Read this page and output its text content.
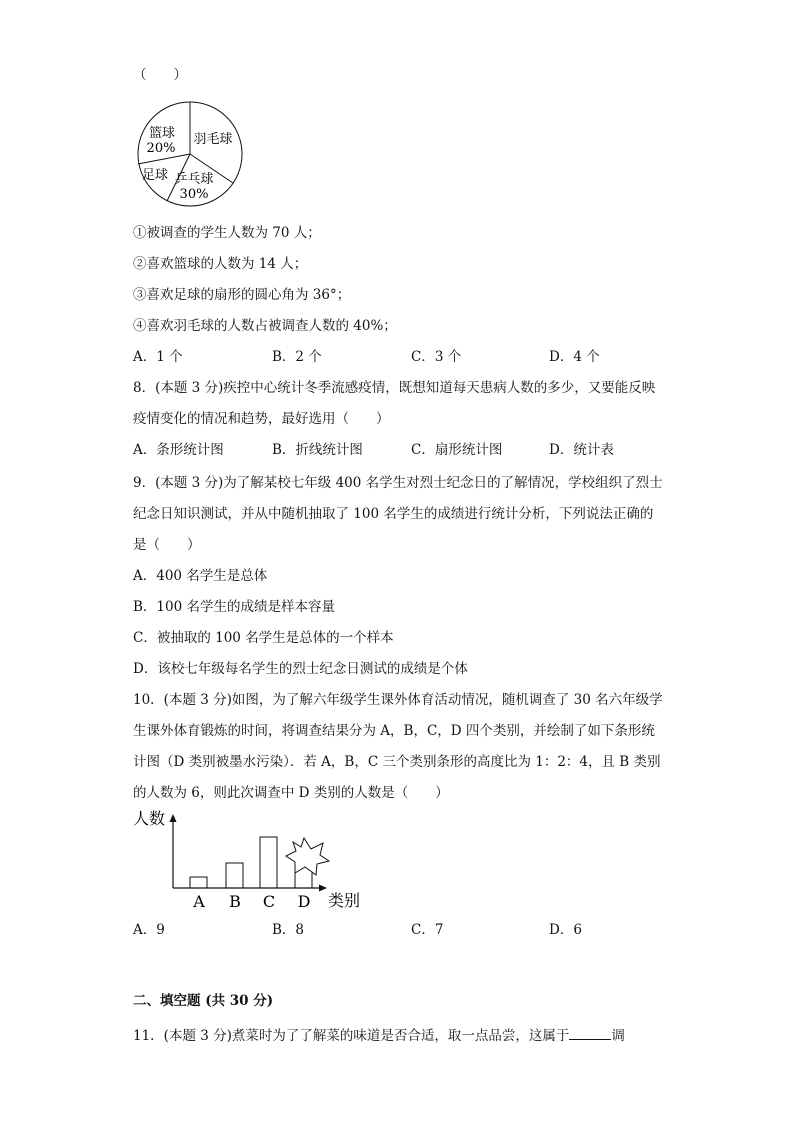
（　　）
篮球
20%
羽毛球
乒乓球
30%
足球
①被调查的学生人数为 70 人；
②喜欢篮球的人数为 14 人；
③喜欢足球的扇形的圆心角为 36°；
④喜欢羽毛球的人数占被调查人数的 40%；
A．1 个	B．2 个	C．3 个	D．4 个
8．(本题 3 分)疾控中心统计冬季流感疫情，既想知道每天患病人数的多少，又要能反映
疫情变化的情况和趋势，最好选用（　　）
A．条形统计图	B．折线统计图	C．扇形统计图	D．统计表
9．(本题 3 分)为了解某校七年级 400 名学生对烈士纪念日的了解情况，学校组织了烈士
纪念日知识测试，并从中随机抽取了 100 名学生的成绩进行统计分析，下列说法正确的
是（　　）
A．400 名学生是总体
B．100 名学生的成绩是样本容量
C．被抽取的 100 名学生是总体的一个样本
D．该校七年级每名学生的烈士纪念日测试的成绩是个体
10．(本题 3 分)如图，为了解六年级学生课外体育活动情况，随机调查了 30 名六年级学
生课外体育锻炼的时间，将调查结果分为 A，B，C，D 四个类别，并绘制了如下条形统
计图（D 类别被墨水污染）．若 A，B，C 三个类别条形的高度比为 1：2：4，且 B 类别
的人数为 6，则此次调查中 D 类别的人数是（　　）
人数
A B C D 类别
A．9	B．8	C．7	D．6
二、填空题 (共 30 分)
11．(本题 3 分)煮菜时为了了解菜的味道是否合适，取一点品尝，这属于	调
